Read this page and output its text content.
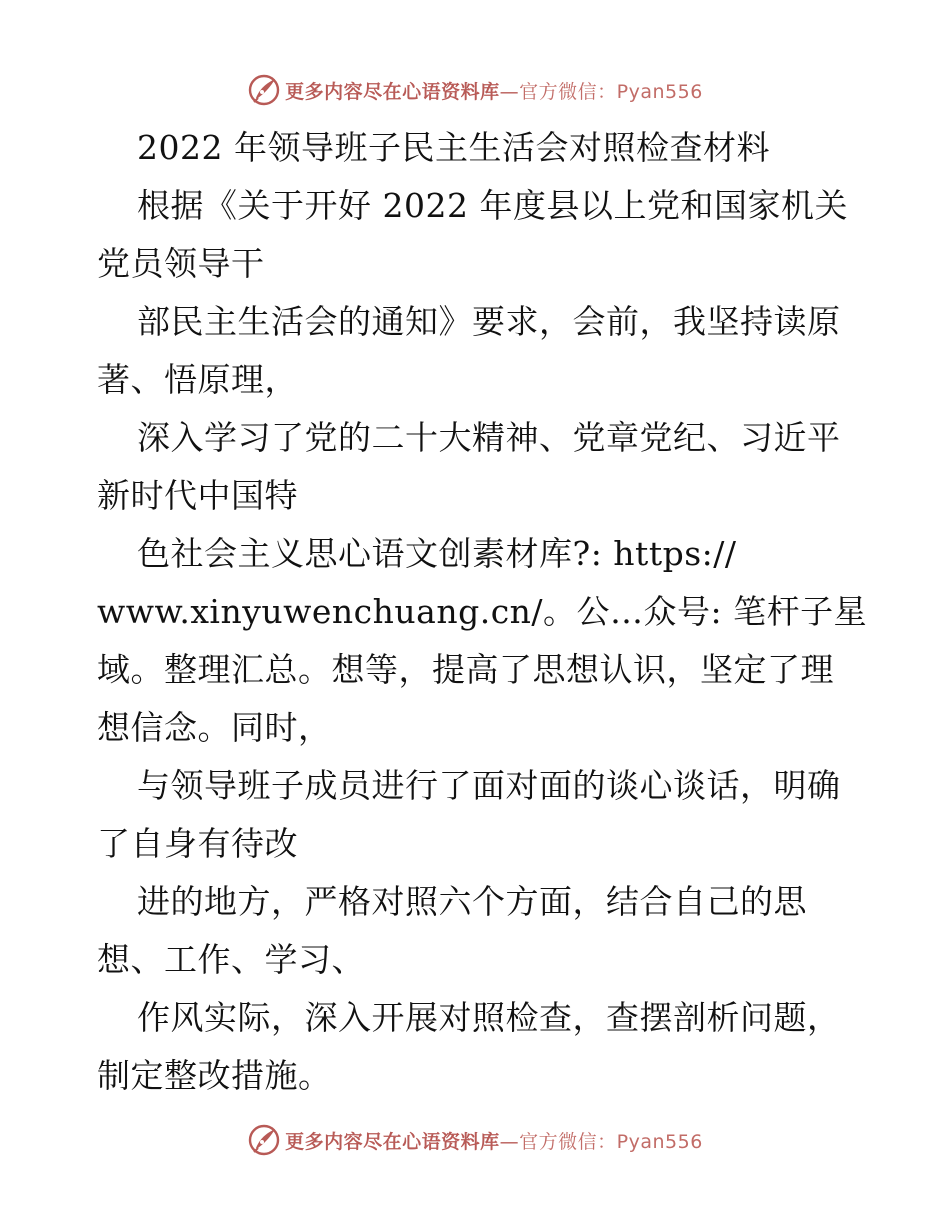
更多内容尽在心语资料库—官方微信：Pyan556
2022 年领导班子民主生活会对照检查材料
根据《关于开好 2022 年度县以上党和国家机关
党员领导干
部民主生活会的通知》要求，会前，我坚持读原
著、悟原理，
深入学习了党的二十大精神、党章党纪、习近平
新时代中国特
色社会主义思心语文创素材库?: https://
www.xinyuwenchuang.cn/。公…众号: 笔杆子星
域。整理汇总。想等，提高了思想认识，坚定了理
想信念。同时，
与领导班子成员进行了面对面的谈心谈话，明确
了自身有待改
进的地方，严格对照六个方面，结合自己的思
想、工作、学习、
作风实际，深入开展对照检查，查摆剖析问题，
制定整改措施。
更多内容尽在心语资料库—官方微信：Pyan556
